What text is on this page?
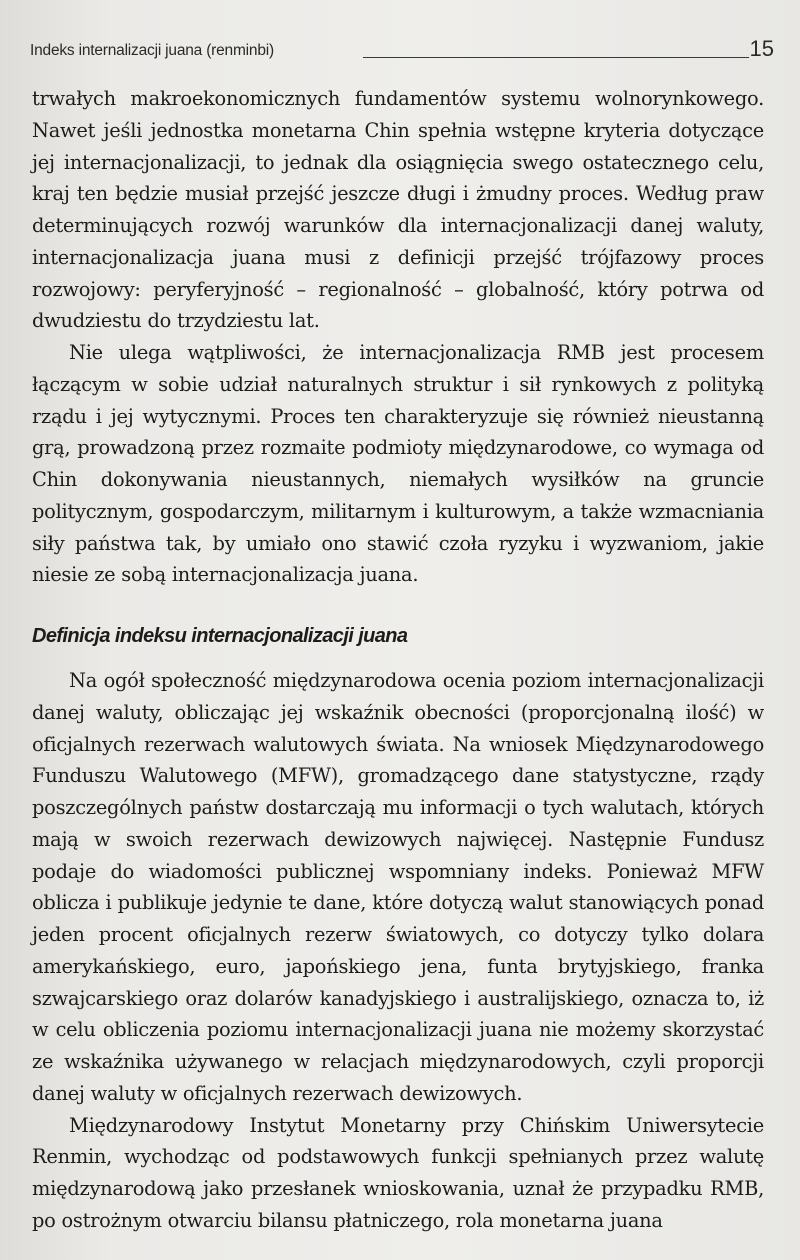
Indeks internalizacji juana (renminbi)	15

trwałych makroekonomicznych fundamentów systemu wolnorynkowego. Nawet jeśli jednostka monetarna Chin spełnia wstępne kryteria dotyczące jej internacjonalizacji, to jednak dla osiągnięcia swego ostatecznego celu, kraj ten będzie musiał przejść jeszcze długi i żmudny proces. Według praw determinujących rozwój warunków dla internacjonalizacji danej waluty, internacjonalizacja juana musi z definicji przejść trójfazowy proces rozwojowy: peryferyjność – regionalność – globalność, który potrwa od dwudziestu do trzydziestu lat.

Nie ulega wątpliwości, że internacjonalizacja RMB jest procesem łączącym w sobie udział naturalnych struktur i sił rynkowych z polityką rządu i jej wytycznymi. Proces ten charakteryzuje się również nieustanną grą, prowadzoną przez rozmaite podmioty międzynarodowe, co wymaga od Chin dokonywania nieustannych, niemałych wysiłków na gruncie politycznym, gospodarczym, militarnym i kulturowym, a także wzmacniania siły państwa tak, by umiało ono stawić czoła ryzyku i wyzwaniom, jakie niesie ze sobą internacjonalizacja juana.

Definicja indeksu internacjonalizacji juana

Na ogół społeczność międzynarodowa ocenia poziom internacjonalizacji danej waluty, obliczając jej wskaźnik obecności (proporcjonalną ilość) w oficjalnych rezerwach walutowych świata. Na wniosek Międzynarodowego Funduszu Walutowego (MFW), gromadzącego dane statystyczne, rządy poszczególnych państw dostarczają mu informacji o tych walutach, których mają w swoich rezerwach dewizowych najwięcej. Następnie Fundusz podaje do wiadomości publicznej wspomniany indeks. Ponieważ MFW oblicza i publikuje jedynie te dane, które dotyczą walut stanowiących ponad jeden procent oficjalnych rezerw światowych, co dotyczy tylko dolara amerykańskiego, euro, japońskiego jena, funta brytyjskiego, franka szwajcarskiego oraz dolarów kanadyjskiego i australijskiego, oznacza to, iż w celu obliczenia poziomu internacjonalizacji juana nie możemy skorzystać ze wskaźnika używanego w relacjach międzynarodowych, czyli proporcji danej waluty w oficjalnych rezerwach dewizowych.

Międzynarodowy Instytut Monetarny przy Chińskim Uniwersytecie Renmin, wychodząc od podstawowych funkcji spełnianych przez walutę międzynarodową jako przesłanek wnioskowania, uznał że przypadku RMB, po ostrożnym otwarciu bilansu płatniczego, rola monetarna juana
